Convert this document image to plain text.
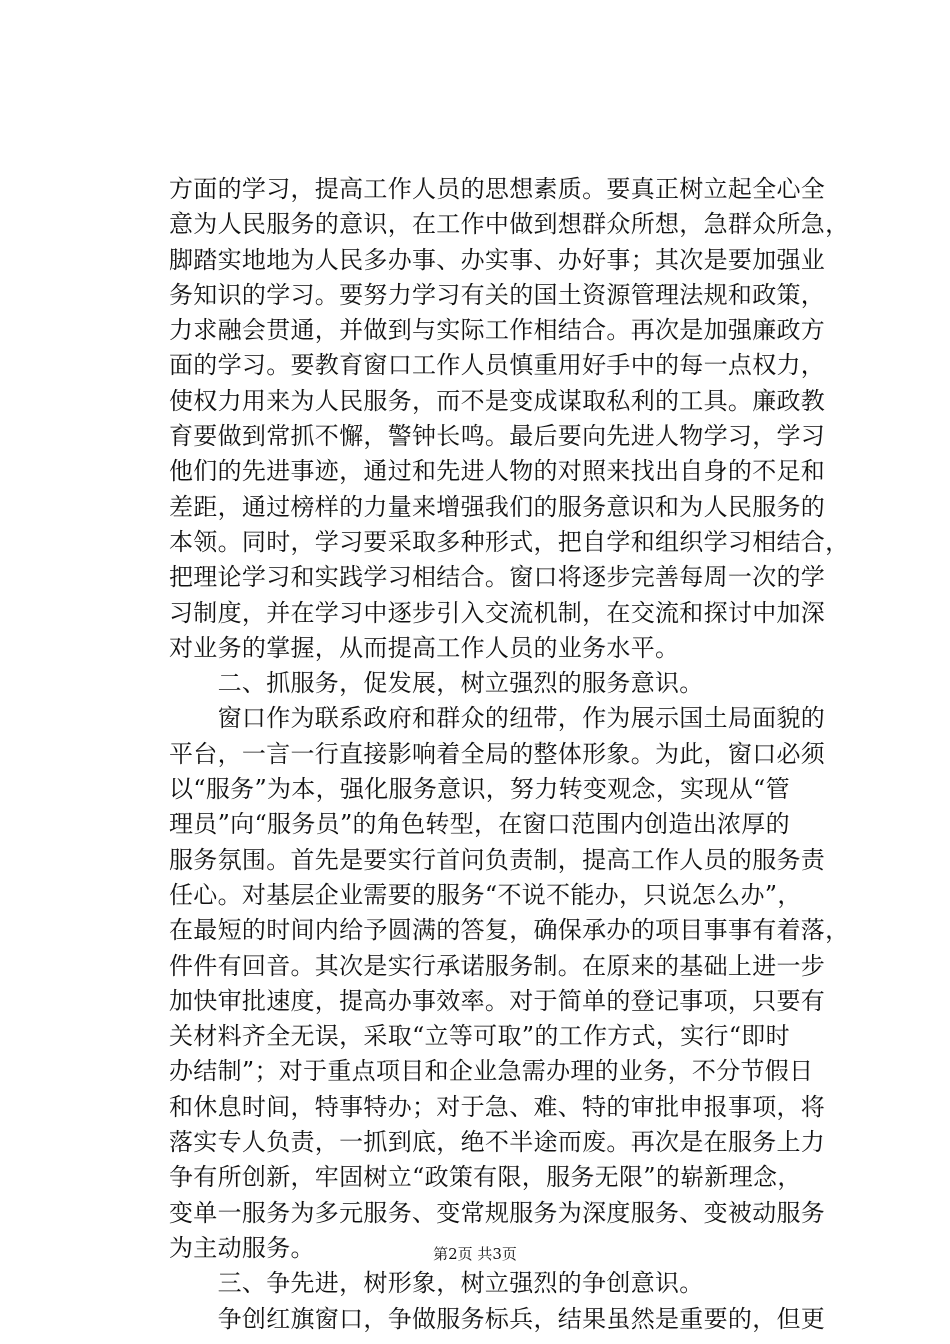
方面的学习，提高工作人员的思想素质。要真正树立起全心全
意为人民服务的意识，在工作中做到想群众所想，急群众所急，
脚踏实地地为人民多办事、办实事、办好事；其次是要加强业
务知识的学习。要努力学习有关的国土资源管理法规和政策，
力求融会贯通，并做到与实际工作相结合。再次是加强廉政方
面的学习。要教育窗口工作人员慎重用好手中的每一点权力，
使权力用来为人民服务，而不是变成谋取私利的工具。廉政教
育要做到常抓不懈，警钟长鸣。最后要向先进人物学习，学习
他们的先进事迹，通过和先进人物的对照来找出自身的不足和
差距，通过榜样的力量来增强我们的服务意识和为人民服务的
本领。同时，学习要采取多种形式，把自学和组织学习相结合，
把理论学习和实践学习相结合。窗口将逐步完善每周一次的学
习制度，并在学习中逐步引入交流机制，在交流和探讨中加深
对业务的掌握，从而提高工作人员的业务水平。
　　二、抓服务，促发展，树立强烈的服务意识。
　　窗口作为联系政府和群众的纽带，作为展示国土局面貌的
平台，一言一行直接影响着全局的整体形象。为此，窗口必须
以“服务”为本，强化服务意识，努力转变观念，实现从“管
理员”向“服务员”的角色转型，在窗口范围内创造出浓厚的
服务氛围。首先是要实行首问负责制，提高工作人员的服务责
任心。对基层企业需要的服务“不说不能办，只说怎么办”，
在最短的时间内给予圆满的答复，确保承办的项目事事有着落，
件件有回音。其次是实行承诺服务制。在原来的基础上进一步
加快审批速度，提高办事效率。对于简单的登记事项，只要有
关材料齐全无误，采取“立等可取”的工作方式，实行“即时
办结制”；对于重点项目和企业急需办理的业务，不分节假日
和休息时间，特事特办；对于急、难、特的审批申报事项，将
落实专人负责，一抓到底，绝不半途而废。再次是在服务上力
争有所创新，牢固树立“政策有限，服务无限”的崭新理念，
变单一服务为多元服务、变常规服务为深度服务、变被动服务
为主动服务。
　　三、争先进，树形象，树立强烈的争创意识。
　　争创红旗窗口，争做服务标兵，结果虽然是重要的，但更
第2页 共3页
